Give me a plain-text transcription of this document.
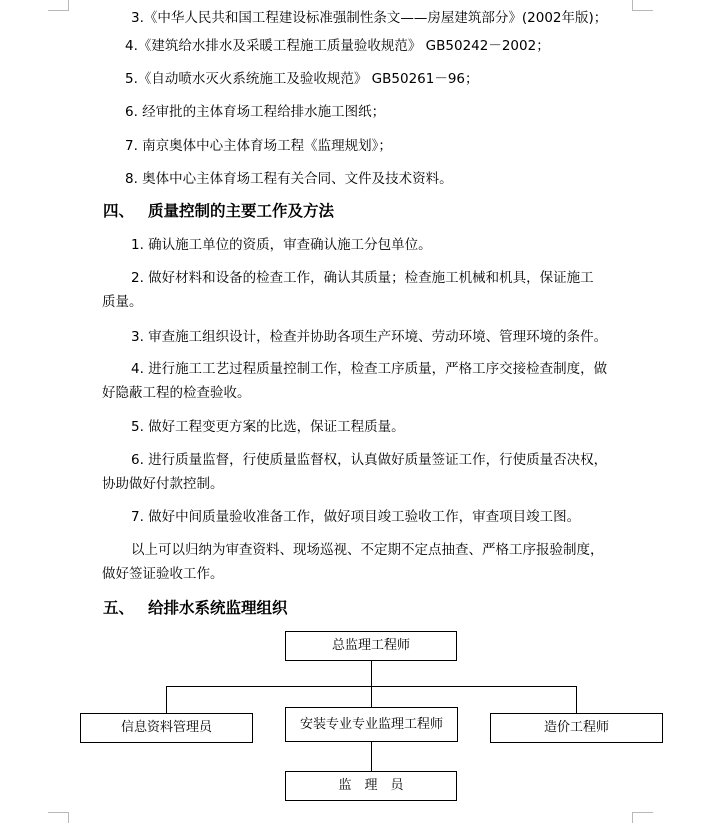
3.《中华人民共和国工程建设标准强制性条文——房屋建筑部分》(2002年版)；
4.《建筑给水排水及采暖工程施工质量验收规范》 GB50242－2002；
5.《自动喷水灭火系统施工及验收规范》 GB50261－96；
6. 经审批的主体育场工程给排水施工图纸；
7. 南京奥体中心主体育场工程《监理规划》；
8. 奥体中心主体育场工程有关合同、文件及技术资料。
四、 质量控制的主要工作及方法
1. 确认施工单位的资质，审查确认施工分包单位。
2. 做好材料和设备的检查工作，确认其质量；检查施工机械和机具，保证施工
质量。
3. 审查施工组织设计，检查并协助各项生产环境、劳动环境、管理环境的条件。
4. 进行施工工艺过程质量控制工作，检查工序质量，严格工序交接检查制度，做
好隐蔽工程的检查验收。
5. 做好工程变更方案的比选，保证工程质量。
6. 进行质量监督，行使质量监督权，认真做好质量签证工作，行使质量否决权，
协助做好付款控制。
7. 做好中间质量验收准备工作，做好项目竣工验收工作，审查项目竣工图。
以上可以归纳为审查资料、现场巡视、不定期不定点抽查、严格工序报验制度，
做好签证验收工作。
五、 给排水系统监理组织
总监理工程师
信息资料管理员	安装专业专业监理工程师	造价工程师
监　理　员
